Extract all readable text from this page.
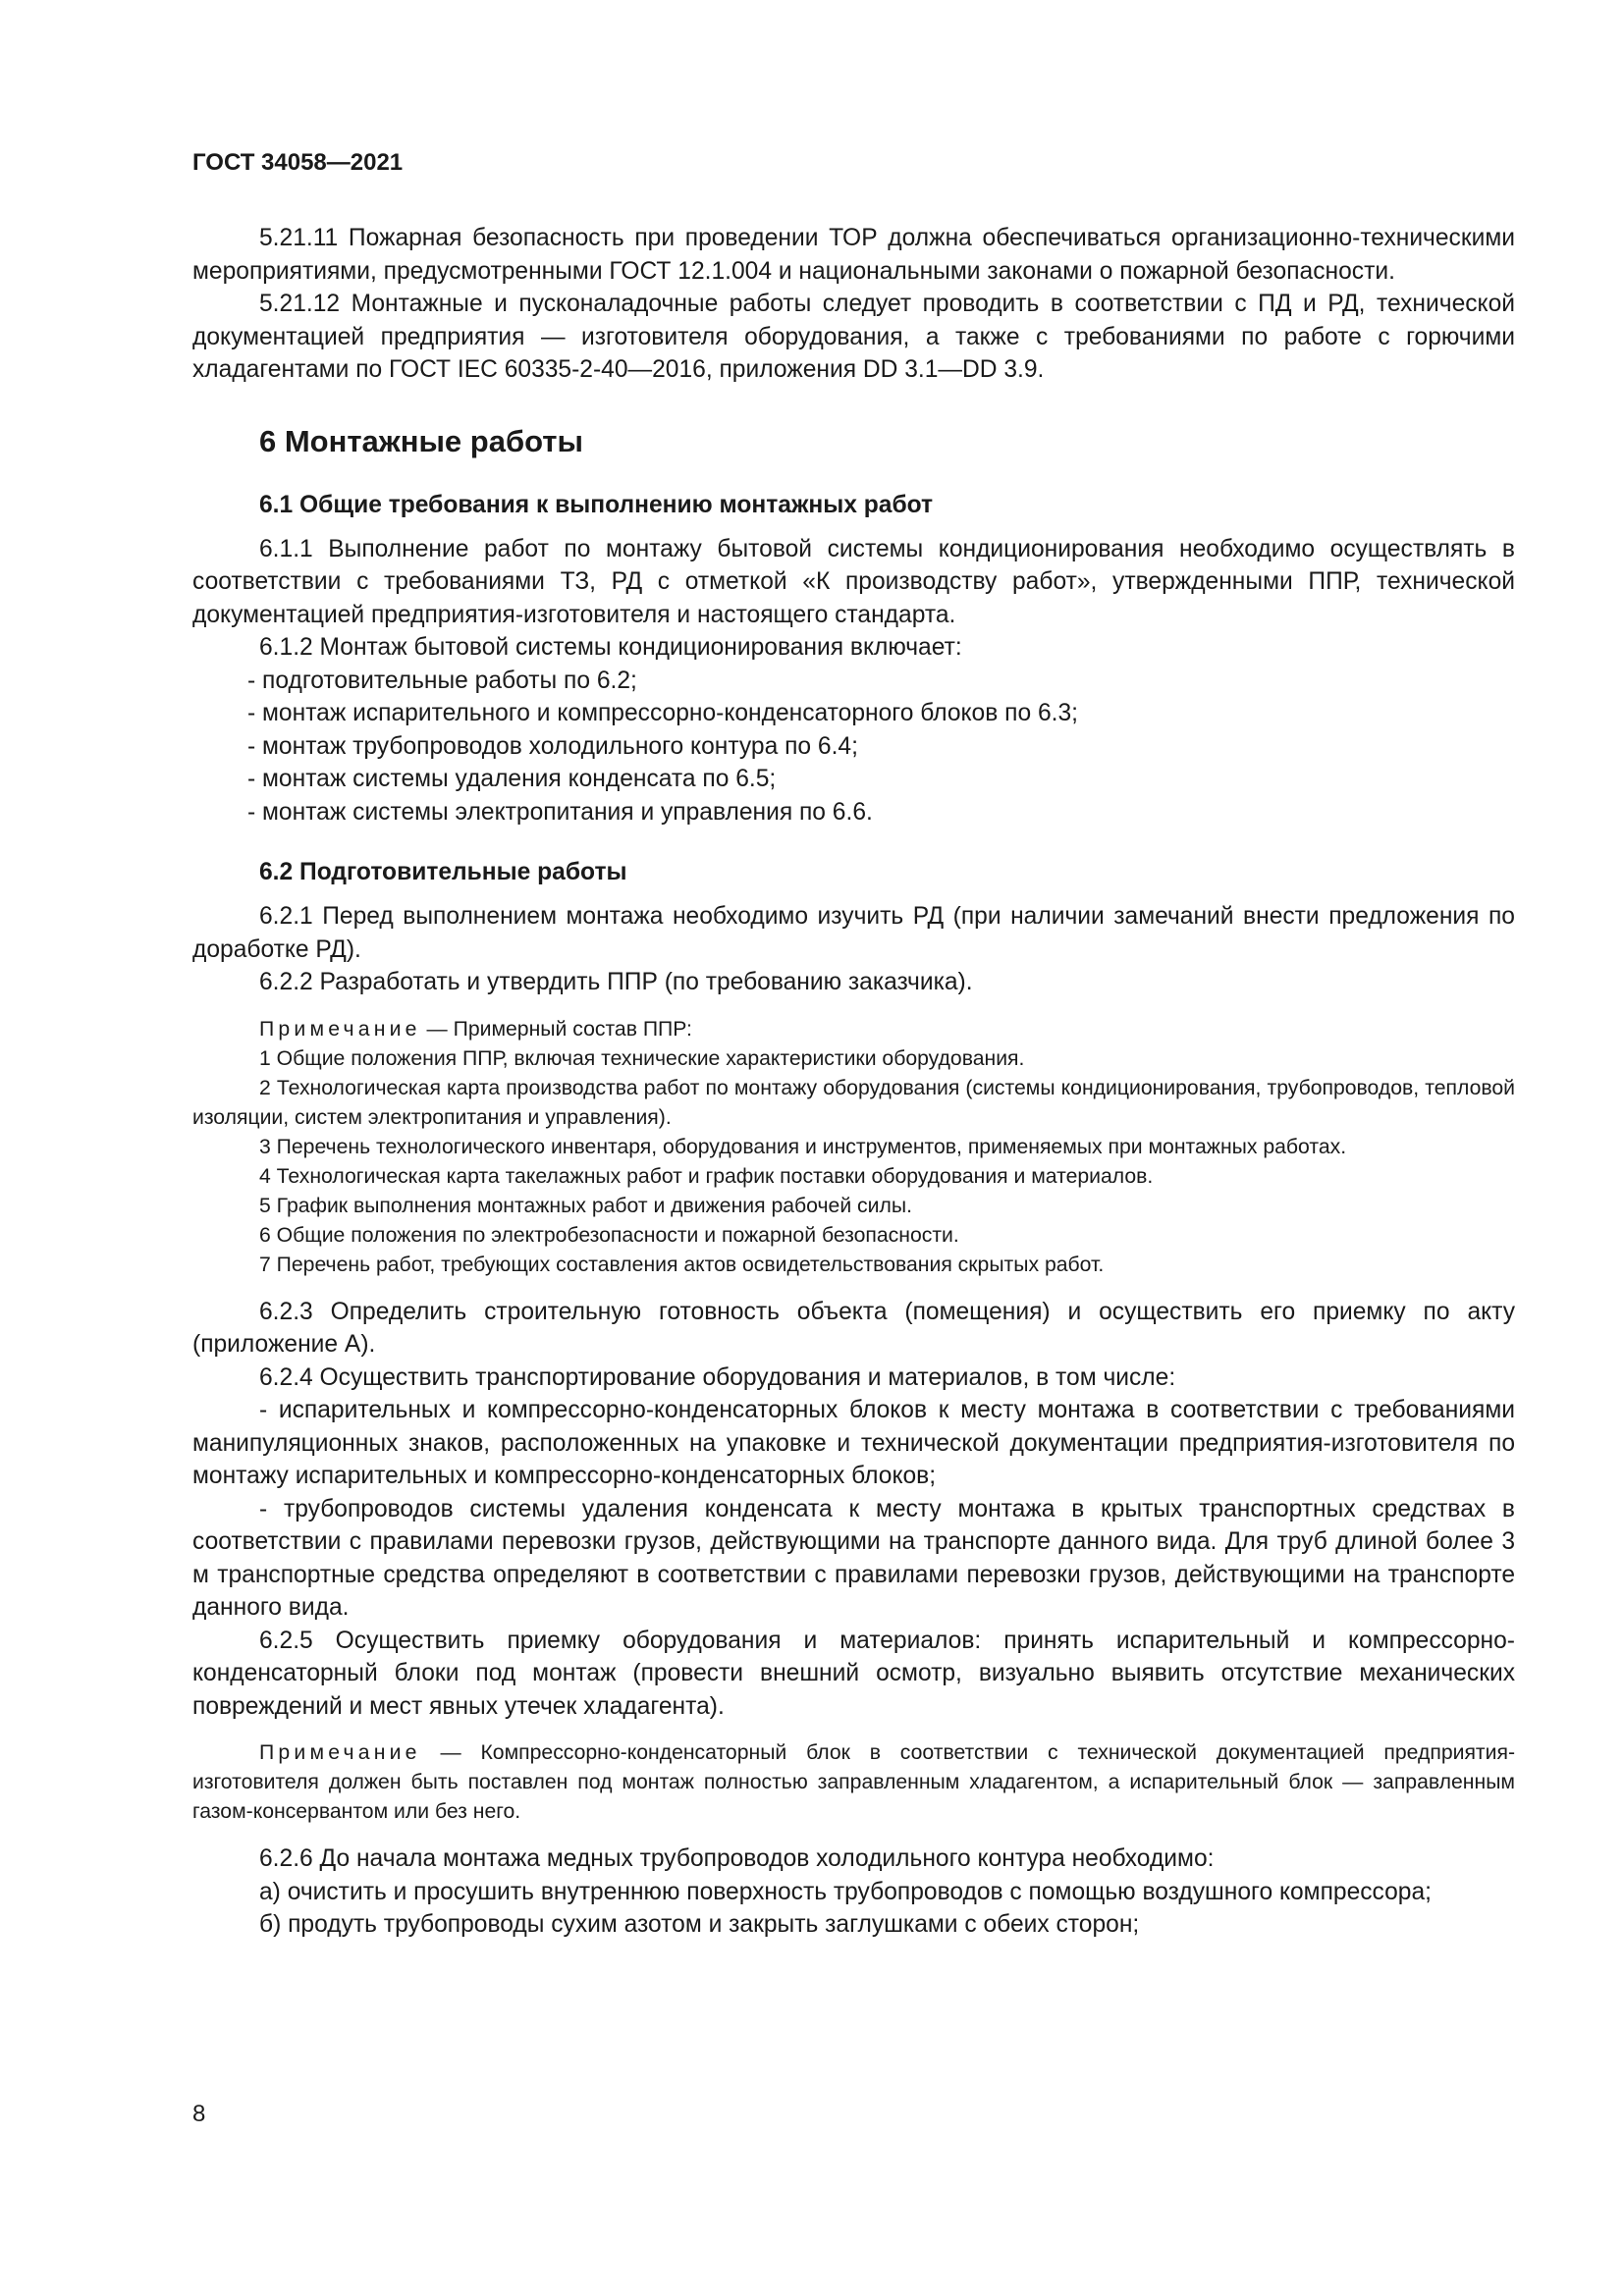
ГОСТ 34058—2021

5.21.11 Пожарная безопасность при проведении ТОР должна обеспечиваться организационно-техническими мероприятиями, предусмотренными ГОСТ 12.1.004 и национальными законами о пожарной безопасности.

5.21.12 Монтажные и пусконаладочные работы следует проводить в соответствии с ПД и РД, технической документацией предприятия — изготовителя оборудования, а также с требованиями по работе с горючими хладагентами по ГОСТ IEC 60335-2-40—2016, приложения DD 3.1—DD 3.9.

6 Монтажные работы
6.1 Общие требования к выполнению монтажных работ

6.1.1 Выполнение работ по монтажу бытовой системы кондиционирования необходимо осуществлять в соответствии с требованиями ТЗ, РД с отметкой «К производству работ», утвержденными ППР, технической документацией предприятия-изготовителя и настоящего стандарта.

6.1.2 Монтаж бытовой системы кондиционирования включает:

- подготовительные работы по 6.2;

- монтаж испарительного и компрессорно-конденсаторного блоков по 6.3;

- монтаж трубопроводов холодильного контура по 6.4;

- монтаж системы удаления конденсата по 6.5;

- монтаж системы электропитания и управления по 6.6.

6.2 Подготовительные работы

6.2.1 Перед выполнением монтажа необходимо изучить РД (при наличии замечаний внести предложения по доработке РД).

6.2.2 Разработать и утвердить ППР (по требованию заказчика).

Примечание — Примерный состав ППР:

1 Общие положения ППР, включая технические характеристики оборудования.

2 Технологическая карта производства работ по монтажу оборудования (системы кондиционирования, трубопроводов, тепловой изоляции, систем электропитания и управления).

3 Перечень технологического инвентаря, оборудования и инструментов, применяемых при монтажных работах.

4 Технологическая карта такелажных работ и график поставки оборудования и материалов.

5 График выполнения монтажных работ и движения рабочей силы.

6 Общие положения по электробезопасности и пожарной безопасности.

7 Перечень работ, требующих составления актов освидетельствования скрытых работ.

6.2.3 Определить строительную готовность объекта (помещения) и осуществить его приемку по акту (приложение А).

6.2.4 Осуществить транспортирование оборудования и материалов, в том числе:

- испарительных и компрессорно-конденсаторных блоков к месту монтажа в соответствии с требованиями манипуляционных знаков, расположенных на упаковке и технической документации предприятия-изготовителя по монтажу испарительных и компрессорно-конденсаторных блоков;

- трубопроводов системы удаления конденсата к месту монтажа в крытых транспортных средствах в соответствии с правилами перевозки грузов, действующими на транспорте данного вида. Для труб длиной более 3 м транспортные средства определяют в соответствии с правилами перевозки грузов, действующими на транспорте данного вида.

6.2.5 Осуществить приемку оборудования и материалов: принять испарительный и компрессорно-конденсаторный блоки под монтаж (провести внешний осмотр, визуально выявить отсутствие механических повреждений и мест явных утечек хладагента).

Примечание — Компрессорно-конденсаторный блок в соответствии с технической документацией предприятия-изготовителя должен быть поставлен под монтаж полностью заправленным хладагентом, а испарительный блок — заправленным газом-консервантом или без него.

6.2.6 До начала монтажа медных трубопроводов холодильного контура необходимо:

а) очистить и просушить внутреннюю поверхность трубопроводов с помощью воздушного компрессора;

б) продуть трубопроводы сухим азотом и закрыть заглушками с обеих сторон;

8
